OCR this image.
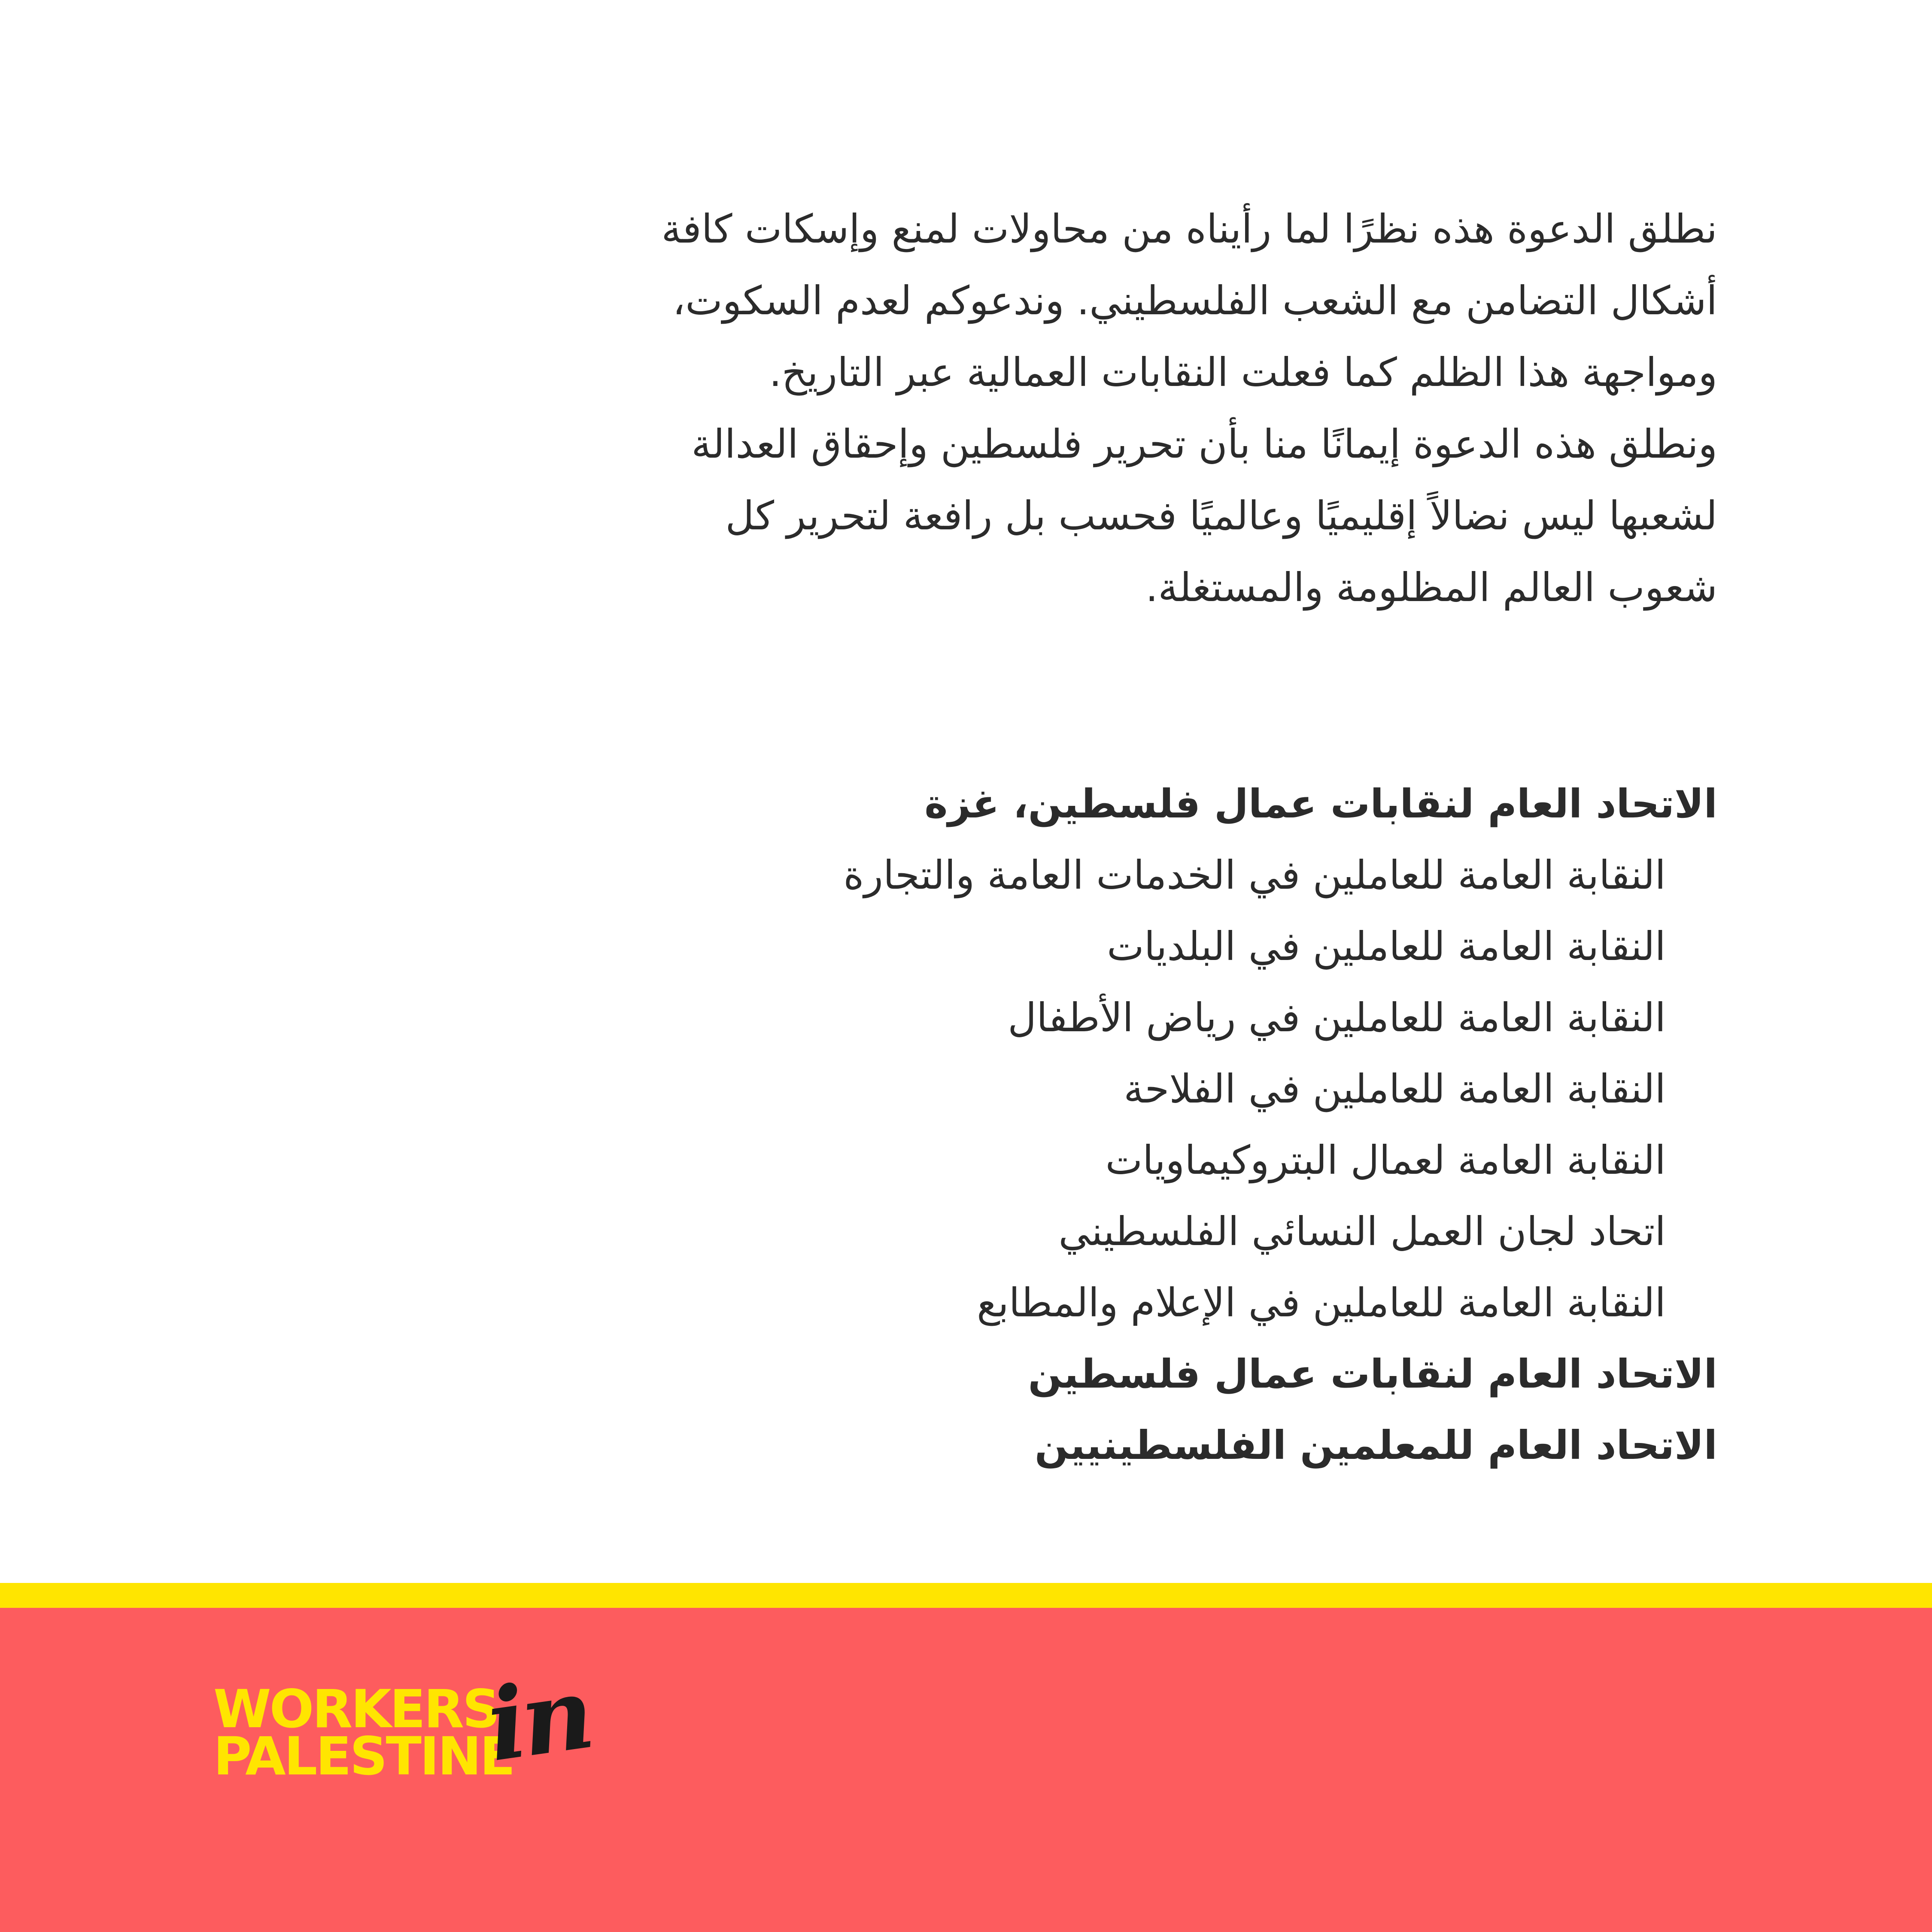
نطلق الدعوة هذه نظرًا لما رأيناه من محاولات لمنع وإسكات كافة
أشكال التضامن مع الشعب الفلسطيني. وندعوكم لعدم السكوت،
ومواجهة هذا الظلم كما فعلت النقابات العمالية عبر التاريخ.
ونطلق هذه الدعوة إيمانًا منا بأن تحرير فلسطين وإحقاق العدالة
لشعبها ليس نضالاً إقليميًا وعالميًا فحسب بل رافعة لتحرير كل
شعوب العالم المظلومة والمستغلة.
الاتحاد العام لنقابات عمال فلسطين، غزة
النقابة العامة للعاملين في الخدمات العامة والتجارة
النقابة العامة للعاملين في البلديات
النقابة العامة للعاملين في رياض الأطفال
النقابة العامة للعاملين في الفلاحة
النقابة العامة لعمال البتروكيماويات
اتحاد لجان العمل النسائي الفلسطيني
النقابة العامة للعاملين في الإعلام والمطابع
الاتحاد العام لنقابات عمال فلسطين
الاتحاد العام للمعلمين الفلسطينيين
WORKERS
PALESTINE
in
